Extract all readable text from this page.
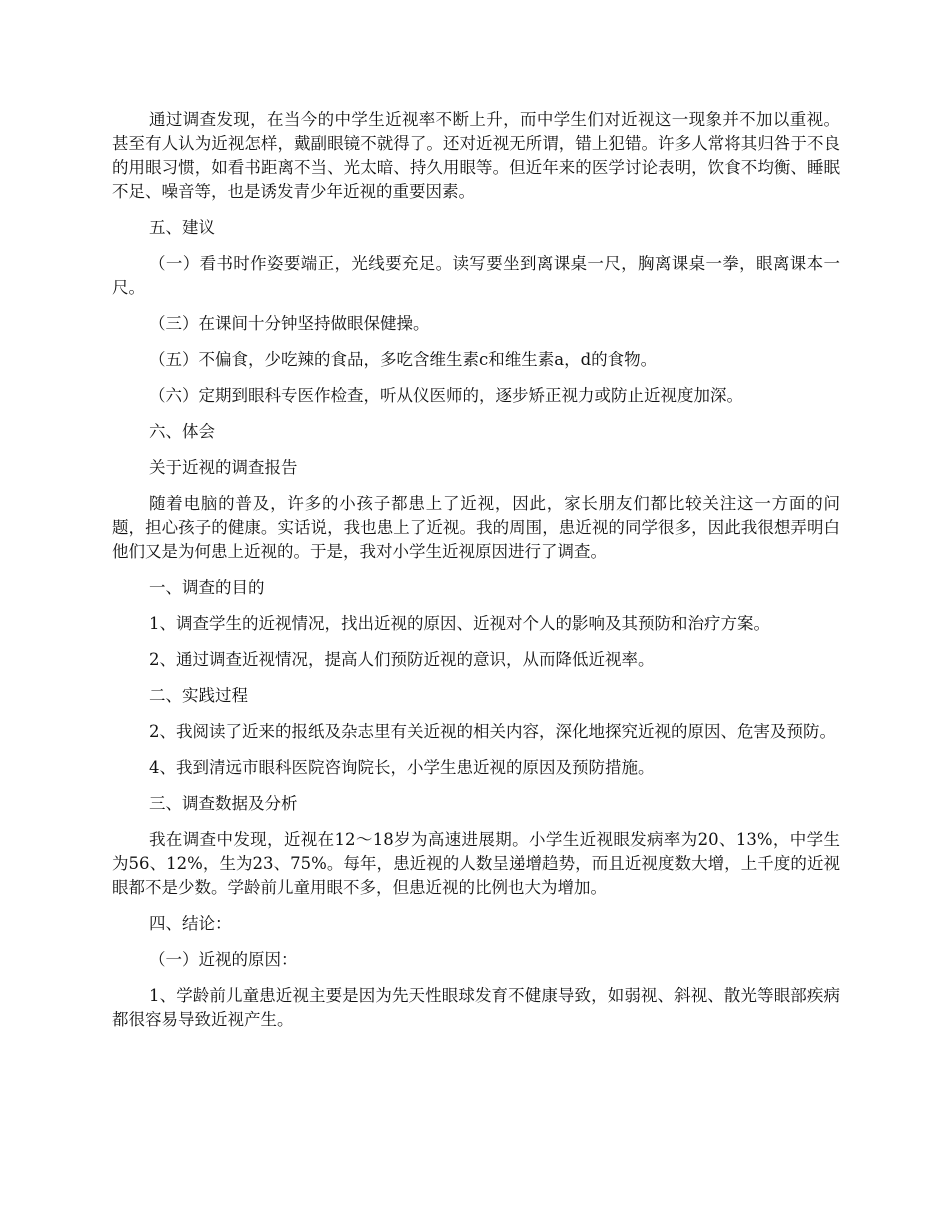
通过调查发现，在当今的中学生近视率不断上升，而中学生们对近视这一现象并不加以重视。甚至有人认为近视怎样，戴副眼镜不就得了。还对近视无所谓，错上犯错。许多人常将其归咎于不良的用眼习惯，如看书距离不当、光太暗、持久用眼等。但近年来的医学讨论表明，饮食不均衡、睡眠不足、噪音等，也是诱发青少年近视的重要因素。

五、建议

（一）看书时作姿要端正，光线要充足。读写要坐到离课桌一尺，胸离课桌一拳，眼离课本一尺。

（三）在课间十分钟坚持做眼保健操。

（五）不偏食，少吃辣的食品，多吃含维生素c和维生素a，d的食物。

（六）定期到眼科专医作检查，听从仪医师的，逐步矫正视力或防止近视度加深。

六、体会

关于近视的调查报告

随着电脑的普及，许多的小孩子都患上了近视，因此，家长朋友们都比较关注这一方面的问题，担心孩子的健康。实话说，我也患上了近视。我的周围，患近视的同学很多，因此我很想弄明白他们又是为何患上近视的。于是，我对小学生近视原因进行了调查。

一、调查的目的

1、调查学生的近视情况，找出近视的原因、近视对个人的影响及其预防和治疗方案。

2、通过调查近视情况，提高人们预防近视的意识，从而降低近视率。

二、实践过程

2、我阅读了近来的报纸及杂志里有关近视的相关内容，深化地探究近视的原因、危害及预防。

4、我到清远市眼科医院咨询院长，小学生患近视的原因及预防措施。

三、调查数据及分析

我在调查中发现，近视在12～18岁为高速进展期。小学生近视眼发病率为20、13%，中学生为56、12%，生为23、75%。每年，患近视的人数呈递增趋势，而且近视度数大增，上千度的近视眼都不是少数。学龄前儿童用眼不多，但患近视的比例也大为增加。

四、结论：

（一）近视的原因：

1、学龄前儿童患近视主要是因为先天性眼球发育不健康导致，如弱视、斜视、散光等眼部疾病都很容易导致近视产生。
